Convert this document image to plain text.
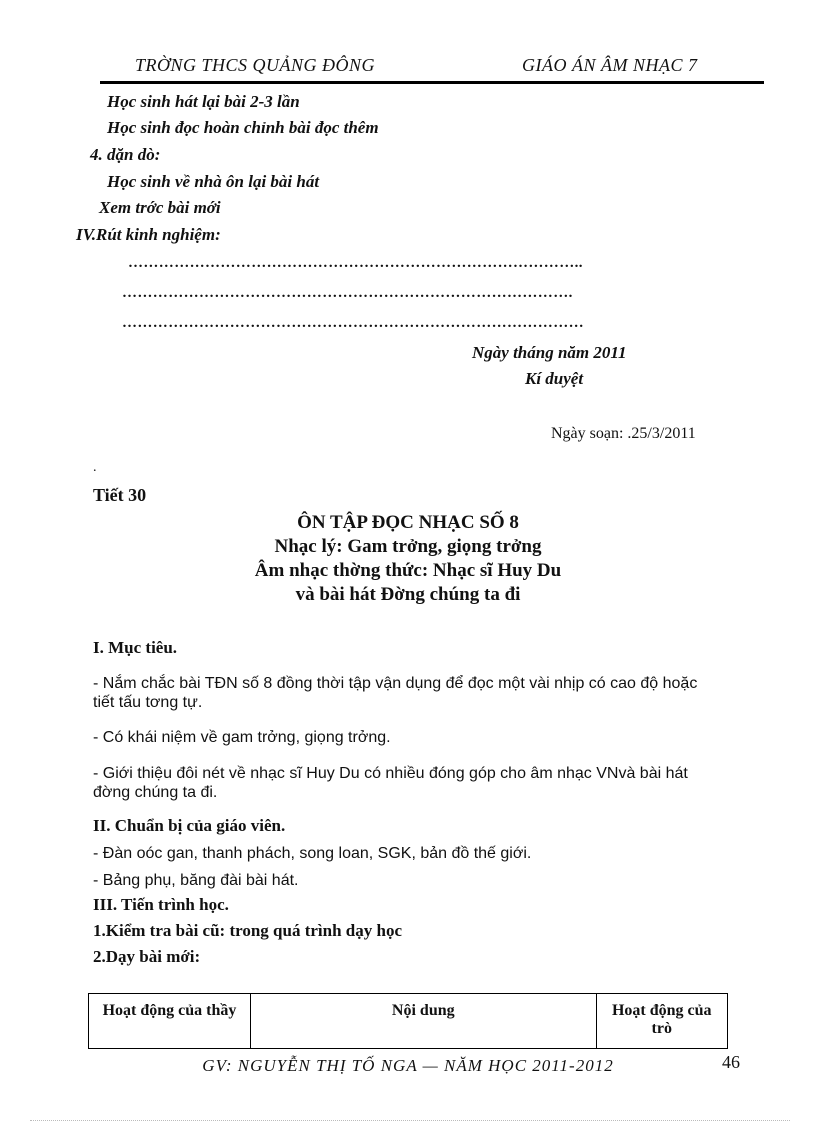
TRỜNG THCS QUẢNG ĐÔNG	GIÁO ÁN ÂM NHẠC 7
Học sinh hát lại bài 2-3 lần
Học sinh đọc hoàn chỉnh bài đọc thêm
4. dặn dò:
Học sinh về nhà ôn lại bài hát
Xem trớc bài mới
IV.Rút kinh nghiệm:
……………………………………………………………………………..
…………………………………………………………………………….
………………………………………………………………………………
Ngày tháng năm 2011
Kí duyệt
Ngày soạn: .25/3/2011
.
Tiết 30
ÔN TẬP ĐỌC NHẠC SỐ 8
Nhạc lý: Gam trởng, giọng trởng
Âm nhạc thờng thức: Nhạc sĩ Huy Du
và bài hát Đờng chúng ta đi
I. Mục tiêu.
- Nắm chắc bài TĐN số 8 đồng thời tập vận dụng để đọc một vài nhịp có cao độ hoặc
tiết tấu tơng tự.
- Có khái niệm về gam trởng, giọng trởng.
- Giới thiệu đôi nét về nhạc sĩ Huy Du có nhiều đóng góp cho âm nhạc VNvà bài hát
đờng chúng ta đi.
II. Chuẩn bị của giáo viên.
- Đàn oóc gan, thanh phách, song loan, SGK, bản đồ thế giới.
- Bảng phụ, băng đài bài hát.
III. Tiến trình học.
1.Kiểm tra bài cũ: trong quá trình dạy học
2.Dạy bài mới:
Hoạt động của thầy	Nội dung	Hoạt động của trò
GV: NGUYỄN THỊ TỐ NGA — NĂM HỌC 2011-2012	46
